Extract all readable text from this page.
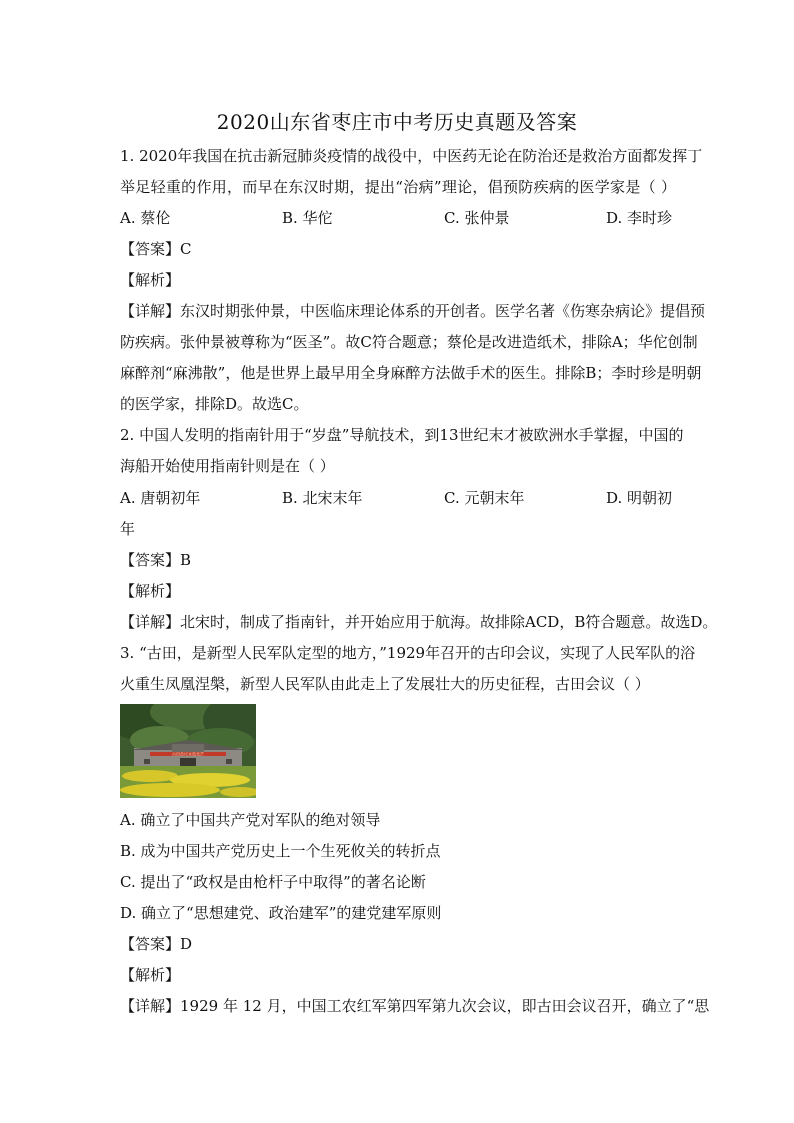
2020山东省枣庄市中考历史真题及答案
1. 2020年我国在抗击新冠肺炎疫情的战役中，中医药无论在防治还是救治方面都发挥丁
举足轻重的作用，而早在东汉时期，提出“治病”理论，倡预防疾病的医学家是（ ）
A. 蔡伦	B. 华佗	C. 张仲景	D. 李时珍
【答案】C
【解析】
【详解】东汉时期张仲景，中医临床理论体系的开创者。医学名著《伤寒杂病论》提倡预
防疾病。张仲景被尊称为“医圣”。故C符合题意；蔡伦是改进造纸术，排除A；华佗创制
麻醉剂“麻沸散”，他是世界上最早用全身麻醉方法做手术的医生。排除B；李时珍是明朝
的医学家，排除D。故选C。
2. 中国人发明的指南针用于“岁盘”导航技术，到13世纪末才被欧洲水手掌握，中国的
海船开始使用指南针则是在（ ）
A. 唐朝初年	B. 北宋末年	C. 元朝末年	D. 明朝初
年
【答案】B
【解析】
【详解】北宋时，制成了指南针，并开始应用于航海。故排除ACD，B符合题意。故选D。
3. “古田，是新型人民军队定型的地方，”1929年召开的古印会议，实现了人民军队的浴
火重生凤凰涅槃，新型人民军队由此走上了发展壮大的历史征程，古田会议（ ）
古田会议永放光芒
A. 确立了中国共产党对军队的绝对领导
B. 成为中国共产党历史上一个生死攸关的转折点
C. 提出了“政权是由枪杆子中取得”的著名论断
D. 确立了“思想建党、政治建军”的建党建军原则
【答案】D
【解析】
【详解】1929 年 12 月，中国工农红军第四军第九次会议，即古田会议召开，确立了“思
